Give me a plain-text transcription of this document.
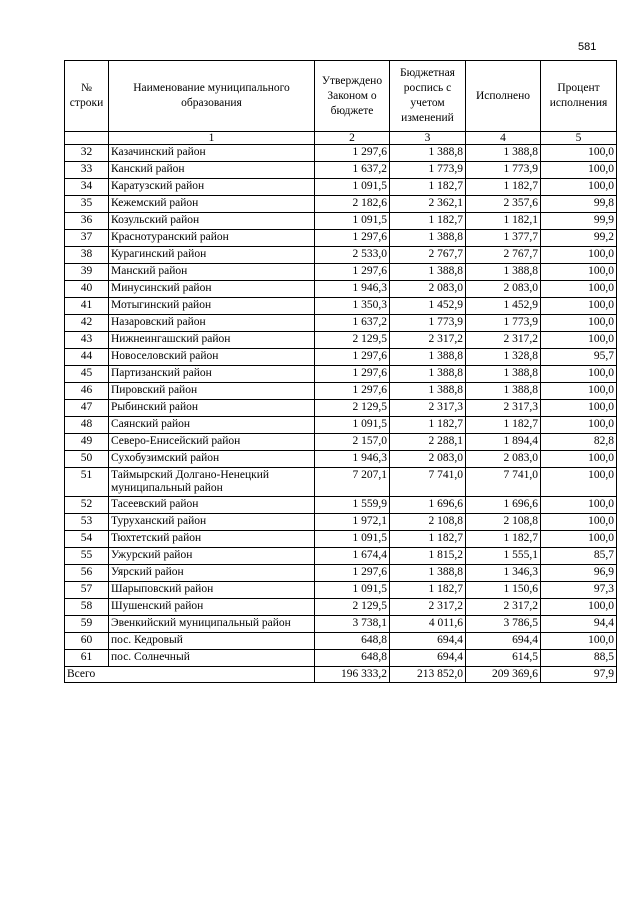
581
№ строки	Наименование муниципального образования	Утверждено Законом о бюджете	Бюджетная роспись с учетом изменений	Исполнено	Процент исполнения
	1	2	3	4	5
32	Казачинский район	1 297,6	1 388,8	1 388,8	100,0
33	Канский район	1 637,2	1 773,9	1 773,9	100,0
34	Каратузский район	1 091,5	1 182,7	1 182,7	100,0
35	Кежемский район	2 182,6	2 362,1	2 357,6	99,8
36	Козульский район	1 091,5	1 182,7	1 182,1	99,9
37	Краснотуранский район	1 297,6	1 388,8	1 377,7	99,2
38	Курагинский район	2 533,0	2 767,7	2 767,7	100,0
39	Манский район	1 297,6	1 388,8	1 388,8	100,0
40	Минусинский район	1 946,3	2 083,0	2 083,0	100,0
41	Мотыгинский район	1 350,3	1 452,9	1 452,9	100,0
42	Назаровский район	1 637,2	1 773,9	1 773,9	100,0
43	Нижнеингашский район	2 129,5	2 317,2	2 317,2	100,0
44	Новоселовский район	1 297,6	1 388,8	1 328,8	95,7
45	Партизанский район	1 297,6	1 388,8	1 388,8	100,0
46	Пировский район	1 297,6	1 388,8	1 388,8	100,0
47	Рыбинский район	2 129,5	2 317,3	2 317,3	100,0
48	Саянский район	1 091,5	1 182,7	1 182,7	100,0
49	Северо-Енисейский район	2 157,0	2 288,1	1 894,4	82,8
50	Сухобузимский район	1 946,3	2 083,0	2 083,0	100,0
51	Таймырский Долгано-Ненецкий муниципальный район	7 207,1	7 741,0	7 741,0	100,0
52	Тасеевский район	1 559,9	1 696,6	1 696,6	100,0
53	Туруханский район	1 972,1	2 108,8	2 108,8	100,0
54	Тюхтетский район	1 091,5	1 182,7	1 182,7	100,0
55	Ужурский район	1 674,4	1 815,2	1 555,1	85,7
56	Уярский район	1 297,6	1 388,8	1 346,3	96,9
57	Шарыповский район	1 091,5	1 182,7	1 150,6	97,3
58	Шушенский район	2 129,5	2 317,2	2 317,2	100,0
59	Эвенкийский муниципальный район	3 738,1	4 011,6	3 786,5	94,4
60	пос. Кедровый	648,8	694,4	694,4	100,0
61	пос. Солнечный	648,8	694,4	614,5	88,5
Всего		196 333,2	213 852,0	209 369,6	97,9
